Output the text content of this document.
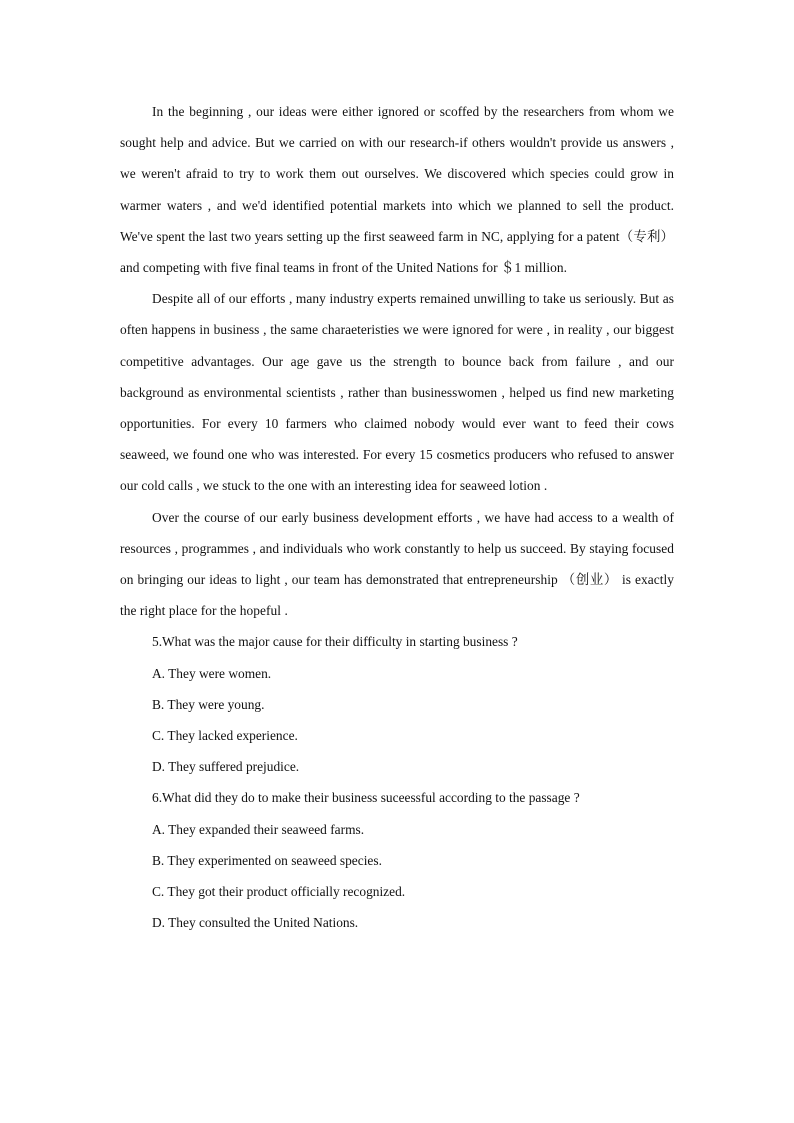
In the beginning , our ideas were either ignored or scoffed by the researchers from whom we sought help and advice. But we carried on with our research-if others wouldn't provide us answers , we weren't afraid to try to work them out ourselves. We discovered which species could grow in warmer waters , and we'd identified potential markets into which we planned to sell the product. We've spent the last two years setting up the first seaweed farm in NC, applying for a patent（专利）and competing with five final teams in front of the United Nations for ＄1 million.

Despite all of our efforts , many industry experts remained unwilling to take us seriously. But as often happens in business , the same charaeteristies we were ignored for were , in reality , our biggest competitive advantages. Our age gave us the strength to bounce back from failure , and our background as environmental scientists , rather than businesswomen , helped us find new marketing opportunities. For every 10 farmers who claimed nobody would ever want to feed their cows seaweed, we found one who was interested. For every 15 cosmetics producers who refused to answer our cold calls , we stuck to the one with an interesting idea for seaweed lotion .

Over the course of our early business development efforts , we have had access to a wealth of resources , programmes , and individuals who work constantly to help us succeed. By staying focused on bringing our ideas to light , our team has demonstrated that entrepreneurship （创业） is exactly the right place for the hopeful .

5.What was the major cause for their difficulty in starting business ?

A. They were women.

B. They were young.

C. They lacked experience.

D. They suffered prejudice.

6.What did they do to make their business suceessful according to the passage ?

A. They expanded their seaweed farms.

B. They experimented on seaweed species.

C. They got their product officially recognized.

D. They consulted the United Nations.
